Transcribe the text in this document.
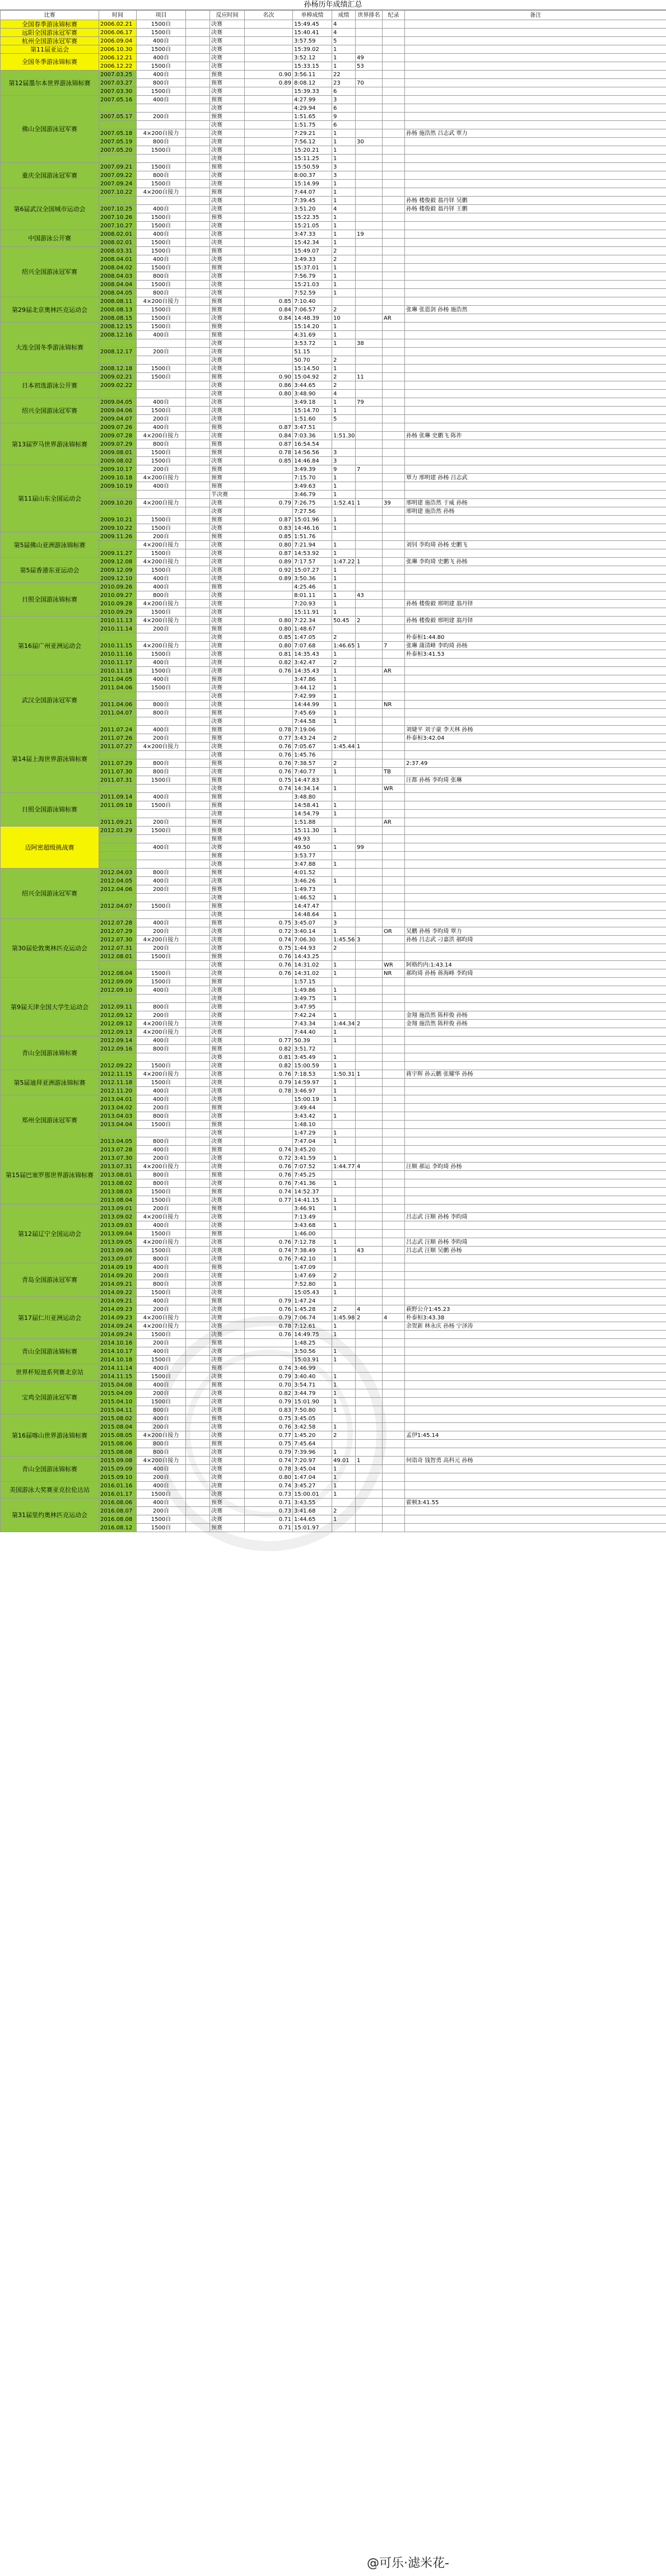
孙杨历年成绩汇总
比赛	时间	项目		反应时间	名次	单棒成绩	成绩	世界排名	纪录	备注
全国春季游泳锦标赛	2006.02.21	1500自		决赛		15:49.45	4			
远阳全国游泳冠军赛	2006.06.17	1500自		决赛		15:40.41	4			
杭州全国游泳冠军赛	2006.09.04	400自		决赛		3:57.59	5			
第11届亚运会	2006.10.30	1500自		决赛		15:39.02	1			
全国冬季游泳锦标赛	2006.12.21	400自		决赛		3:52.12	1	49		
	2006.12.22	1500自		决赛		15:33.15	1	53		
第12届墨尔本世界游泳锦标赛	2007.03.25	400自		预赛	0.90	3:56.11	22			
	2007.03.27	800自		预赛	0.89	8:08.12	23	70		
	2007.03.30	1500自		决赛		15:39.33	6			
佛山全国游泳冠军赛	2007.05.16	400自		预赛		4:27.99	3			
				决赛		4:29.94	6			
	2007.05.17	200自		预赛		1:51.65	9			
				决赛		1:51.75	6			
	2007.05.18	4×200自接力		决赛		7:29.21	1			孙杨 施浩然 吕志武 覃力
	2007.05.19	800自		决赛		7:56.12	1	30		
	2007.05.20	1500自		决赛		15:20.21	1			
				决赛		15:11.25	1			
重庆全国游泳冠军赛	2007.09.21	1500自		预赛		15:50.59	3			
	2007.09.22	800自		决赛		8:00.37	3			
	2007.09.24	1500自		决赛		15:14.99	1			
第6届武汉全国城市运动会	2007.10.22	4×200自接力		预赛		7:44.07	1			
				决赛		7:39.45	1			孙杨 楼俊毅 翁丹铎 吴鹏
	2007.10.25	400自		决赛		3:51.20	4			孙杨 楼俊毅 翁丹铎 王鹏
	2007.10.26	1500自		预赛		15:22.35	1			
	2007.10.27	1500自		决赛		15:21.05	1			
中国游泳公开赛	2008.02.01	400自		决赛		3:47.33	1	19		
	2008.02.01	1500自		决赛		15:42.34	1			
绍兴全国游泳冠军赛	2008.03.31	1500自		预赛		15:49.07	2			
	2008.04.01	400自		决赛		3:49.33	2			
	2008.04.02	1500自		预赛		15:37.01	1			
	2008.04.03	800自		决赛		7:56.79	1			
	2008.04.04	1500自		决赛		15:21.03	1			
	2008.04.05	800自		决赛		7:52.59	1			
第29届北京奥林匹克运动会	2008.08.11	4×200自接力		预赛	0.85	7:10.40				
	2008.08.13	1500自		预赛	0.84	7:06.57	2			张琳 张恩剑 孙杨 施浩然
	2008.08.15	1500自		决赛	0.84	14:48.39	10		AR	
大连全国冬季游泳锦标赛	2008.12.15	1500自		预赛		15:14.20	1			
	2008.12.16	400自		预赛		4:31.69	1			
				决赛		3:53.72	1	38		
	2008.12.17	200自		决赛		51.15				
				决赛		50.70	2			
	2008.12.18	1500自		决赛		15:14.50	1			
日本初选游泳公开赛	2009.02.21	1500自		预赛	0.90	15:04.92	2	11		
	2009.02.22			决赛	0.86	3:44.65	2			
				决赛	0.80	3:48.90	4			
绍兴全国游泳冠军赛	2009.04.05	400自		决赛		3:49.18	1	79		
	2009.04.06	1500自		决赛		15:14.70	1			
	2009.04.07	200自		决赛		1:51.60	5			
第13届罗马世界游泳锦标赛	2009.07.26	400自		预赛	0.87	3:47.51				
	2009.07.28	4×200自接力		决赛	0.84	7:03.36	1:51.30			孙杨 张琳 史鹏飞 陈祚
	2009.07.29	800自		预赛	0.87	16:54.54				
	2009.08.01	1500自		预赛	0.78	14:56.56	3			
	2009.08.02	1500自		决赛	0.85	14:46.84	3			
第11届山东全国运动会	2009.10.17	200自		预赛		3:49.39	9	7		
	2009.10.18	4×200自接力		预赛		7:15.70	1			覃力 邢明建 孙杨 吕志武
	2009.10.19	400自		预赛		3:49.63	1			
				半决赛		3:46.79	1			
	2009.10.20	4×200自接力		决赛	0.79	7:26.75	1:52.41	1	39	邢明建 施浩然 于威 孙杨
				决赛		7:27.56				邢明建 施浩然 孙杨
	2009.10.21	1500自		预赛	0.87	15:01.96	1			
	2009.10.22	1500自		决赛	0.83	14:46.16	1			
第5届佛山亚洲游泳锦标赛	2009.11.26	200自		预赛	0.85	1:51.76				
		4×200自接力		决赛	0.80	7:21.94	1			刘钊 李昀琦 孙杨 史鹏飞
	2009.11.27	1500自		决赛	0.87	14:53.92	1			
第5届香港东亚运动会	2009.12.08	4×200自接力		决赛	0.89	7:17.57	1:47.22	1		张琳 李昀琦 史鹏飞 孙杨
	2009.12.09	1500自		决赛	0.92	15:07.27	1			
	2009.12.10	400自		决赛	0.89	3:50.36	1			
日照全国游泳锦标赛	2010.09.26	400自		预赛		4:25.46	1			
	2010.09.27	800自		决赛		8:01.11	1	43		
	2010.09.28	4×200自接力		决赛		7:20.93	1			孙杨 楼俊毅 邢明建 翁丹铎
	2010.09.29	1500自		决赛		15:11.91	1			
第16届广州亚洲运动会	2010.11.13	4×200自接力		决赛	0.80	7:22.34	50.45	2		孙杨 楼俊毅 邢明建 翁丹铎
	2010.11.14	200自		预赛	0.80	1:48.67				
				决赛	0.85	1:47.05	2			朴泰桓1:44.80
	2010.11.15	4×200自接力		决赛	0.80	7:07.68	1:46.65	1	7	张琳 蒲清峰 李昀琦 孙杨
	2010.11.16	1500自		决赛	0.81	14:35.43	1			朴泰桓3:41.53
	2010.11.17	400自		决赛	0.82	3:42.47	2			
	2010.11.18	1500自		决赛	0.76	14:35.43	1		AR	
武汉全国游泳冠军赛	2011.04.05	400自		预赛		3:47.86	1			
	2011.04.06	1500自		决赛		3:44.12	1			
				决赛		7:42.99	1			
	2011.04.06	800自		决赛		14:44.99	1		NR	
	2011.04.07	800自		预赛		7:45.69	1			
				决赛		7:44.58	1			
第14届上海世界游泳锦标赛	2011.07.24	400自		预赛	0.78	7:19.06				刘婕平 刘子豪 李天林 孙杨
	2011.07.26	200自		预赛	0.77	3:43.24	2			朴泰桓3:42.04
	2011.07.27	4×200自接力		决赛	0.76	7:05.67	1:45.44	1		
				决赛	0.76	1:45.76				
	2011.07.29	800自		预赛	0.76	7:38.57	2			2:37.49
	2011.07.30	800自		决赛	0.76	7:40.77	1		TB	
	2011.07.31	1500自		预赛	0.75	14:47.83				汪都 孙杨 李昀琦 张琳
				决赛	0.74	14:34.14	1		WR	
日照全国游泳锦标赛	2011.09.14	400自		预赛		3:48.80				
	2011.09.18	1500自		预赛		14:58.41	1			
				决赛		14:54.79	1			
	2011.09.21	200自		预赛		1:51.88			AR	
迈阿密超级挑战赛	2012.01.29	1500自		预赛		15:11.30	1			
				预赛		49.93				
		400自		决赛		49.50	1	99		
				预赛		3:53.77				
				决赛		3:47.88	1			
绍兴全国游泳冠军赛	2012.04.03	800自		预赛		4:01.52				
	2012.04.05	400自		决赛		3:46.26	1			
	2012.04.06	200自		预赛		1:49.73				
				决赛		1:46.52	1			
	2012.04.07	1500自		预赛		14:47.47				
				决赛		14:48.64	1			
第30届伦敦奥林匹克运动会	2012.07.28	400自		预赛	0.75	3:45.07	3			
	2012.07.29	200自		决赛	0.72	3:40.14	1		OR	吴鹏 孙杨 李昀琦 覃力
	2012.07.30	4×200自接力		决赛	0.74	7:06.30	1:45.56	3		孙杨 吕志武 刁嘉洪 郝昀琦
	2012.07.31	200自		决赛	0.75	1:44.93	2			
	2012.08.01	1500自		预赛	0.76	14:43.25				
				决赛	0.76	14:31.02	1		WR	阿格约内:1:43.14
	2012.08.04	1500自		决赛	0.76	14:31.02	1		NR	郝昀琦 孙杨 蒋海峰 李昀琦
第9届天津全国大学生运动会	2012.09.09	1500自		预赛		1:57.15				
	2012.09.10	400自		决赛		1:49.86	1			
				决赛		3:49.75	1			
	2012.09.11	800自		决赛		3:47.95				
	2012.09.12	200自		决赛		7:42.24	1			金翔 施浩然 陈梓俊 孙杨
	2012.09.12	4×200自接力		决赛		7:43.34	1:44.34	2		金翔 施浩然 陈梓俊 孙杨
	2012.09.13	4×200自接力		决赛		7:44.40	1			
青山全国游泳锦标赛	2012.09.14	400自		决赛	0.77	50.39	1			
	2012.09.16	800自		预赛	0.82	3:51.72				
				决赛	0.81	3:45.49	1			
	2012.09.22	1500自		决赛	0.82	15:00.59	1			
第5届迪拜亚洲游泳锦标赛	2012.11.15	4×200自接力		决赛	0.76	7:18.53	1:50.31	1		蒋宇辉 孙云鹏 张耀华 孙杨
	2012.11.18	1500自		决赛	0.79	14:59.97	1			
	2012.11.20	400自		决赛	0.78	3:46.97	1			
郑州全国游泳冠军赛	2013.04.01	400自		决赛		15:00.19	1			
	2013.04.02	200自		预赛		3:49.44				
	2013.04.03	800自		决赛		3:43.42	1			
	2013.04.04	1500自		预赛		1:48.10				
				决赛		1:47.29	1			
	2013.04.05	800自		决赛		7:47.04	1			
第15届巴塞罗那世界游泳锦标赛	2013.07.28	400自		预赛	0.74	3:45.20				
	2013.07.30	200自		决赛	0.72	3:41.59	1			
	2013.07.31	4×200自接力		决赛	0.76	7:07.52	1:44.77	4		汪顺 郝运 李昀琦 孙杨
	2013.08.01	800自		预赛	0.76	7:45.25				
	2013.08.02	800自		决赛	0.76	7:41.36	1			
	2013.08.03	1500自		预赛	0.74	14:52.37				
	2013.08.04	1500自		决赛	0.77	14:41.15	1			
第12届辽宁全国运动会	2013.09.01	200自		预赛		3:46.91	1			
	2013.09.02	4×200自接力		决赛		7:13.49				吕志武 汪顺 孙杨 李昀琦
	2013.09.03	400自		决赛		3:43.68	1			
	2013.09.04	1500自		预赛		1:46.00				
	2013.09.05	4×200自接力		决赛	0.76	7:12.78	1			吕志武 汪顺 孙杨 李昀琦
	2013.09.06	1500自		决赛	0.74	7:38.49	1	43		吕志武 汪顺 吴鹏 孙杨
	2013.09.07	800自		决赛	0.76	7:42.10	1			
青岛全国游泳冠军赛	2014.09.19	400自		预赛		1:47.09				
	2014.09.20	200自		决赛		1:47.69	2			
	2014.09.21	800自		决赛		7:52.80	1			
	2014.09.22	1500自		决赛		15:05.43	1			
第17届仁川亚洲运动会	2014.09.21	400自		预赛	0.79	1:47.24				
	2014.09.23	200自		决赛	0.76	1:45.28	2	4		萩野公介1:45.23
	2014.09.23	4×200自接力		决赛	0.79	7:06.74	1:45.98	2	4	朴泰桓3:43.38
	2014.09.24	4×200自接力		决赛	0.78	7:12.61	1			余贺新 林永庆 孙杨 宁泽涛
	2014.09.24	1500自		决赛	0.76	14:49.75	1			
青山全国游泳锦标赛	2014.10.16	200自		预赛		1:48.25				
	2014.10.17	400自		决赛		3:50.56	1			
	2014.10.18	1500自		决赛		15:03.91	1			
世界杯短池系列赛北京站	2014.11.14	400自		预赛	0.74	3:46.99				
	2014.11.15	1500自		决赛	0.79	3:40.40	1			
宝鸡全国游泳冠军赛	2015.04.08	400自		预赛	0.70	3:54.71	1			
	2015.04.09	200自		决赛	0.82	3:44.79	1			
	2015.04.10	1500自		决赛	0.79	15:01.90	1			
	2015.04.11	800自		决赛	0.83	7:50.80	1			
第16届喀山世界游泳锦标赛	2015.08.02	400自		预赛	0.75	3:45.05				
	2015.08.04	200自		决赛	0.76	3:42.58	1			
	2015.08.05	4×200自接力		决赛	0.77	1:45.20	2			孟伊1:45.14
	2015.08.06	800自		预赛	0.75	7:45.64				
	2015.08.08	800自		决赛	0.79	7:39.96	1			
青山全国游泳锦标赛	2015.09.08	4×200自接力		决赛	0.74	7:20.97	49.01	1		何诣奇 钱智勇 高科元 孙杨
	2015.09.09	400自		决赛	0.78	3:45.04	1			
	2015.09.10	200自		决赛	0.80	1:47.04	1			
美国游泳大奖赛亚克拉伦达站	2016.01.16	400自		决赛	0.74	3:45.27	1			
	2016.01.17	1500自		决赛	0.73	15:00.01	1			
第31届里约奥林匹克运动会	2016.08.06	400自		预赛	0.71	3:43.55				霍顿3:41.55
	2016.08.07	200自		决赛	0.73	3:41.68	2			
	2016.08.08	1500自		决赛	0.71	1:44.65	1			
	2016.08.12	1500自		预赛	0.71	15:01.97				
@可乐·滤米花-
